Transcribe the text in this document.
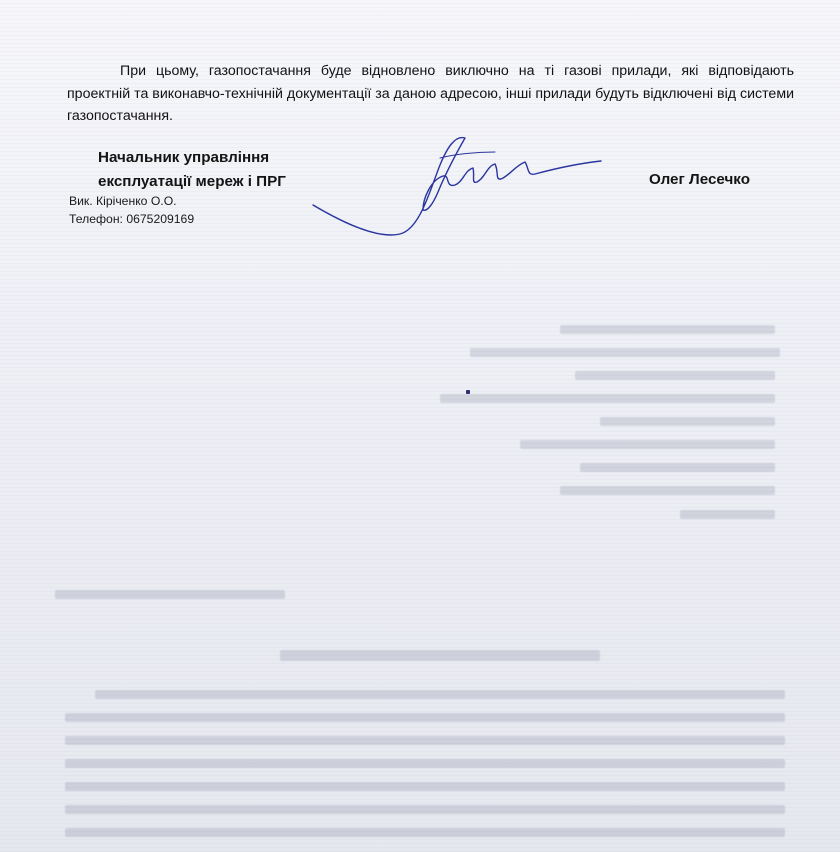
При цьому, газопостачання буде відновлено виключно на ті газові прилади, які відповідають проектній та виконавчо-технічній документації за даною адресою, інші прилади будуть відключені від системи газопостачання.

Начальник управління
експлуатації мереж і ПРГ
Вик. Кіріченко О.О.
Телефон: 0675209169
Олег Лесечко
